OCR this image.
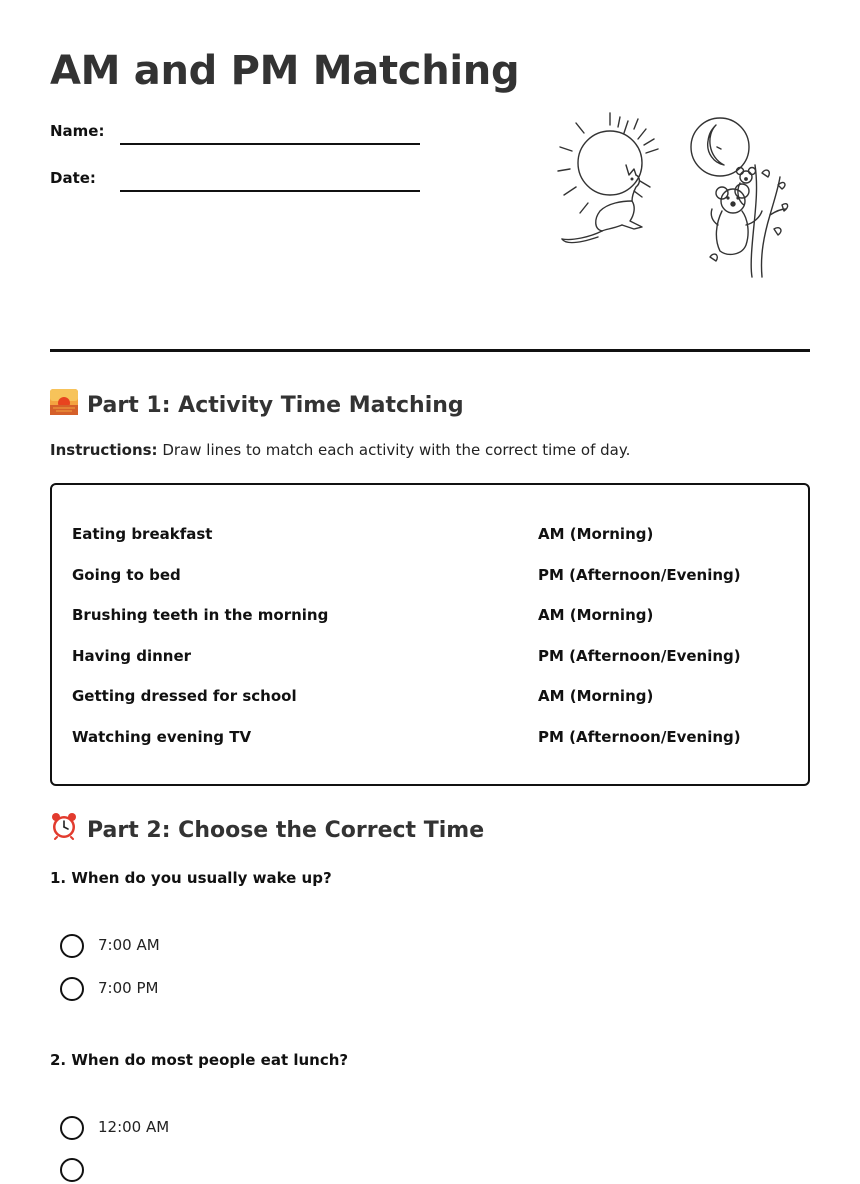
AM and PM Matching
Name:
Date:
Part 1: Activity Time Matching
Instructions: Draw lines to match each activity with the correct time of day.
Eating breakfast	AM (Morning)
Going to bed	PM (Afternoon/Evening)
Brushing teeth in the morning	AM (Morning)
Having dinner	PM (Afternoon/Evening)
Getting dressed for school	AM (Morning)
Watching evening TV	PM (Afternoon/Evening)
Part 2: Choose the Correct Time
1. When do you usually wake up?
7:00 AM
7:00 PM
2. When do most people eat lunch?
12:00 AM
